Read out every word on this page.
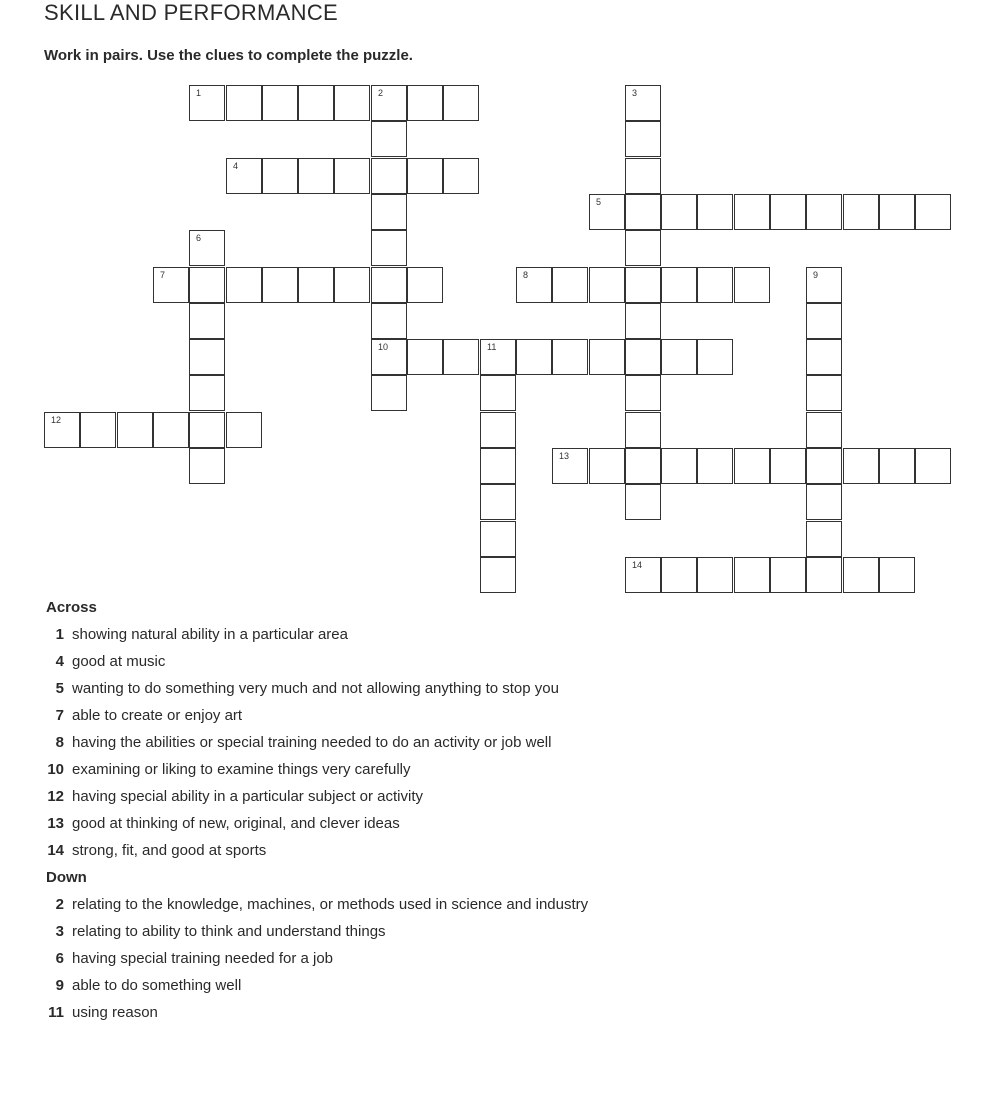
SKILL AND PERFORMANCE
Work in pairs. Use the clues to complete the puzzle.
1	2
10
3
4
5
6
7	8	9
11
12
13
14
Across
1 showing natural ability in a particular area
4 good at music
5 wanting to do something very much and not allowing anything to stop you
7 able to create or enjoy art
8 having the abilities or special training needed to do an activity or job well
10 examining or liking to examine things very carefully
12 having special ability in a particular subject or activity
13 good at thinking of new, original, and clever ideas
14 strong, fit, and good at sports
Down
2 relating to the knowledge, machines, or methods used in science and industry
3 relating to ability to think and understand things
6 having special training needed for a job
9 able to do something well
11 using reason
